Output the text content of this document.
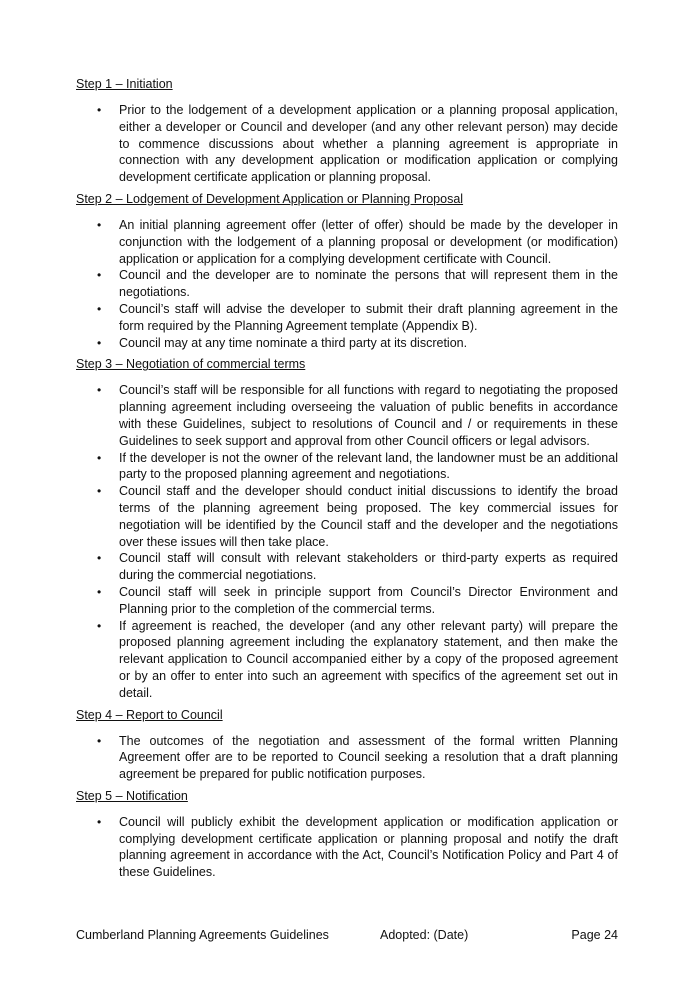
Step 1 – Initiation
• Prior to the lodgement of a development application or a planning proposal application, either a developer or Council and developer (and any other relevant person) may decide to commence discussions about whether a planning agreement is appropriate in connection with any development application or modification application or complying development certificate application or planning proposal.
Step 2 – Lodgement of Development Application or Planning Proposal
• An initial planning agreement offer (letter of offer) should be made by the developer in conjunction with the lodgement of a planning proposal or development (or modification) application or application for a complying development certificate with Council.
• Council and the developer are to nominate the persons that will represent them in the negotiations.
• Council’s staff will advise the developer to submit their draft planning agreement in the form required by the Planning Agreement template (Appendix B).
• Council may at any time nominate a third party at its discretion.
Step 3 – Negotiation of commercial terms
• Council’s staff will be responsible for all functions with regard to negotiating the proposed planning agreement including overseeing the valuation of public benefits in accordance with these Guidelines, subject to resolutions of Council and / or requirements in these Guidelines to seek support and approval from other Council officers or legal advisors.
• If the developer is not the owner of the relevant land, the landowner must be an additional party to the proposed planning agreement and negotiations.
• Council staff and the developer should conduct initial discussions to identify the broad terms of the planning agreement being proposed. The key commercial issues for negotiation will be identified by the Council staff and the developer and the negotiations over these issues will then take place.
• Council staff will consult with relevant stakeholders or third-party experts as required during the commercial negotiations.
• Council staff will seek in principle support from Council’s Director Environment and Planning prior to the completion of the commercial terms.
• If agreement is reached, the developer (and any other relevant party) will prepare the proposed planning agreement including the explanatory statement, and then make the relevant application to Council accompanied either by a copy of the proposed agreement or by an offer to enter into such an agreement with specifics of the agreement set out in detail.
Step 4 – Report to Council
• The outcomes of the negotiation and assessment of the formal written Planning Agreement offer are to be reported to Council seeking a resolution that a draft planning agreement be prepared for public notification purposes.
Step 5 – Notification
• Council will publicly exhibit the development application or modification application or complying development certificate application or planning proposal and notify the draft planning agreement in accordance with the Act, Council’s Notification Policy and Part 4 of these Guidelines.
Cumberland Planning Agreements Guidelines	Adopted: (Date)	Page 24
